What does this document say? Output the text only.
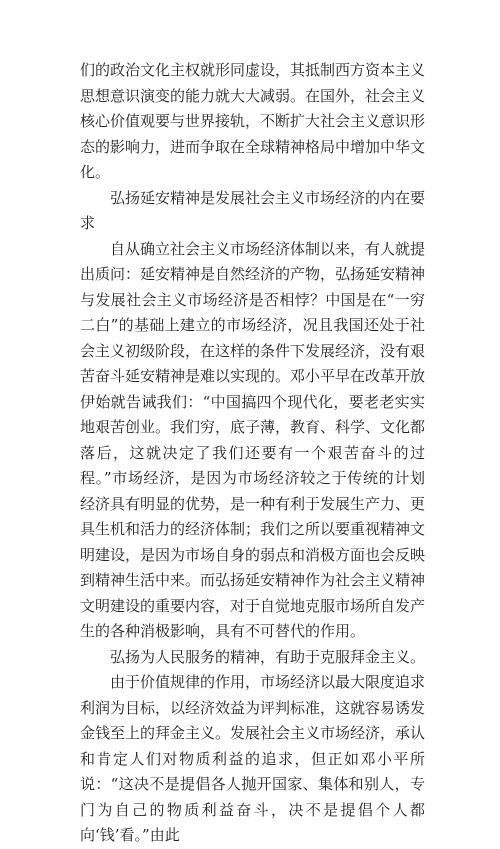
们的政治文化主权就形同虚设，其抵制西方资本主义思想意识演变的能力就大大减弱。在国外，社会主义核心价值观要与世界接轨，不断扩大社会主义意识形态的影响力，进而争取在全球精神格局中增加中华文化。

弘扬延安精神是发展社会主义市场经济的内在要求

自从确立社会主义市场经济体制以来，有人就提出质问：延安精神是自然经济的产物，弘扬延安精神与发展社会主义市场经济是否相悖？中国是在“一穷二白”的基础上建立的市场经济，况且我国还处于社会主义初级阶段，在这样的条件下发展经济，没有艰苦奋斗延安精神是难以实现的。邓小平早在改革开放伊始就告诫我们：“中国搞四个现代化，要老老实实地艰苦创业。我们穷，底子薄，教育、科学、文化都落后，这就决定了我们还要有一个艰苦奋斗的过程。”市场经济，是因为市场经济较之于传统的计划经济具有明显的优势，是一种有利于发展生产力、更具生机和活力的经济体制；我们之所以要重视精神文明建设，是因为市场自身的弱点和消极方面也会反映到精神生活中来。而弘扬延安精神作为社会主义精神文明建设的重要内容，对于自觉地克服市场所自发产生的各种消极影响，具有不可替代的作用。

弘扬为人民服务的精神，有助于克服拜金主义。

由于价值规律的作用，市场经济以最大限度追求利润为目标，以经济效益为评判标准，这就容易诱发金钱至上的拜金主义。发展社会主义市场经济，承认和肯定人们对物质利益的追求，但正如邓小平所说：“这决不是提倡各人抛开国家、集体和别人，专门为自己的物质利益奋斗，决不是提倡个人都向‘钱’看。”由此
